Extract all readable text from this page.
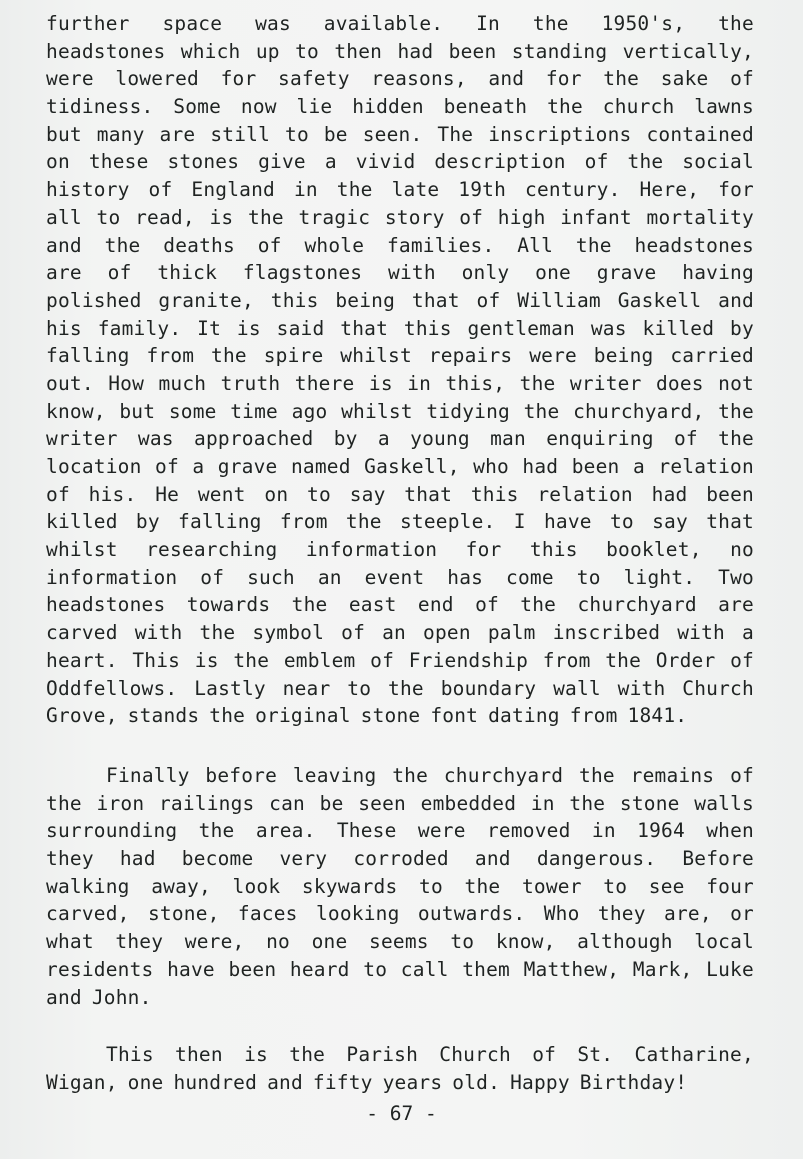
further space was available. In the 1950's, the
headstones which up to then had been standing vertically,
were lowered for safety reasons, and for the sake of
tidiness. Some now lie hidden beneath the church lawns
but many are still to be seen. The inscriptions contained
on these stones give a vivid description of the social
history of England in the late 19th century. Here, for
all to read, is the tragic story of high infant mortality
and the deaths of whole families. All the headstones
are of thick flagstones with only one grave having
polished granite, this being that of William Gaskell and
his family. It is said that this gentleman was killed by
falling from the spire whilst repairs were being carried
out. How much truth there is in this, the writer does not
know, but some time ago whilst tidying the churchyard, the
writer was approached by a young man enquiring of the
location of a grave named Gaskell, who had been a relation
of his. He went on to say that this relation had been
killed by falling from the steeple. I have to say that
whilst researching information for this booklet, no
information of such an event has come to light. Two
headstones towards the east end of the churchyard are
carved with the symbol of an open palm inscribed with a
heart. This is the emblem of Friendship from the Order of
Oddfellows. Lastly near to the boundary wall with Church
Grove, stands the original stone font dating from 1841.
Finally before leaving the churchyard the remains of
the iron railings can be seen embedded in the stone walls
surrounding the area. These were removed in 1964 when
they had become very corroded and dangerous. Before
walking away, look skywards to the tower to see four
carved, stone, faces looking outwards. Who they are, or
what they were, no one seems to know, although local
residents have been heard to call them Matthew, Mark, Luke
and John.
This then is the Parish Church of St. Catharine,
Wigan, one hundred and fifty years old. Happy Birthday!
- 67 -
